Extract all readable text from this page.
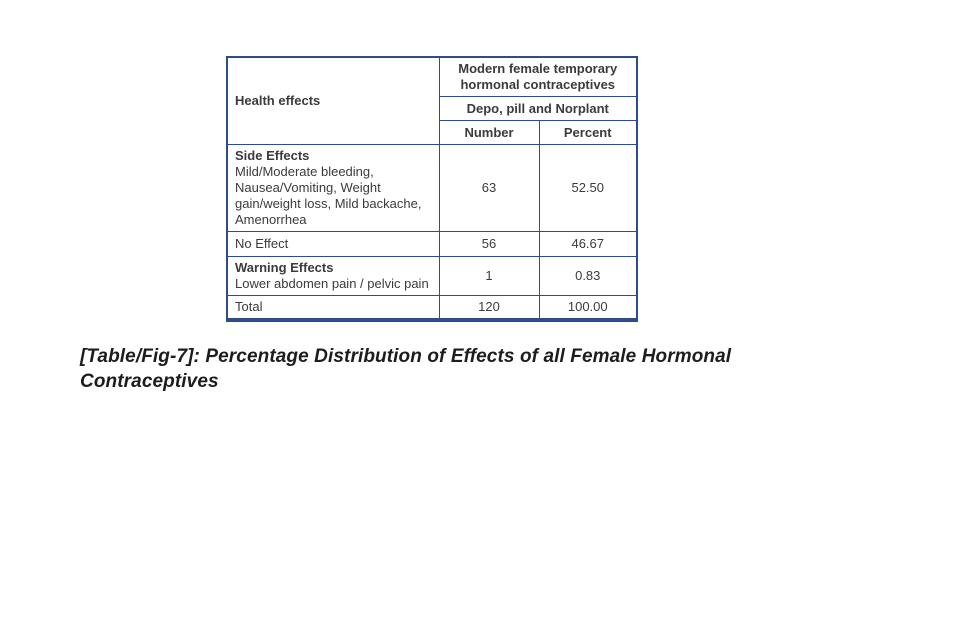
Health effects	Modern female temporary hormonal contraceptives	
	Depo, pill and Norplant	
	Number	Percent

Side Effects
Mild/Moderate bleeding, Nausea/Vomiting, Weight gain/weight loss, Mild backache, Amenorrhea	63	52.50

No Effect	56	46.67

Warning Effects
Lower abdomen pain / pelvic pain	1	0.83

Total	120	100.00
[Table/Fig-7]: Percentage Distribution of Effects of all Female Hormonal Contraceptives
